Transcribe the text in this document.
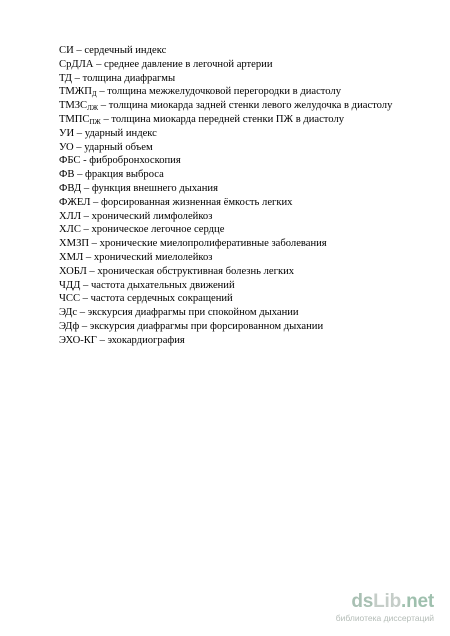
СИ – сердечный индекс
СрДЛА – среднее давление в легочной артерии
ТД – толщина диафрагмы
$ТМЖП_Д$ – толщина межжелудочковой перегородки в диастолу
$ТМЗС_{ЛЖ}$ – толщина миокарда задней стенки левого желудочка в диастолу
$ТМПС_{ПЖ}$ – толщина миокарда передней стенки ПЖ в диастолу
УИ – ударный индекс
УО – ударный объем
ФБС - фибробронхоскопия
ФВ – фракция выброса
ФВД – функция внешнего дыхания
ФЖЕЛ – форсированная жизненная ёмкость легких
ХЛЛ – хронический лимфолейкоз
ХЛС – хроническое легочное сердце
ХМЗП – хронические миелопролиферативные заболевания
ХМЛ – хронический миелолейкоз
ХОБЛ – хроническая обструктивная болезнь легких
ЧДД – частота дыхательных движений
ЧСС – частота сердечных сокращений
ЭДс – экскурсия диафрагмы при спокойном дыхании
ЭДф – экскурсия диафрагмы при форсированном дыхании
ЭХО-КГ – эхокардиография
dsLib.net
библиотека диссертаций
